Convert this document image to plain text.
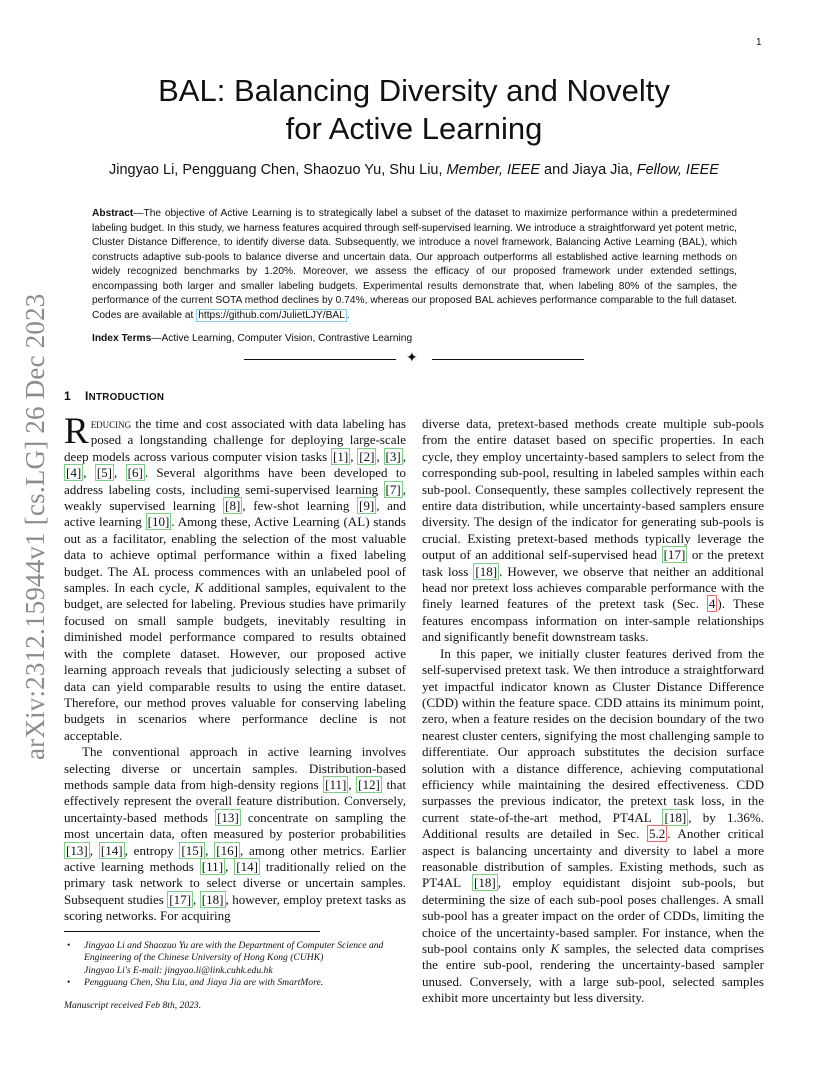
1
arXiv:2312.15944v1 [cs.LG] 26 Dec 2023
BAL: Balancing Diversity and Novelty
for Active Learning
Jingyao Li, Pengguang Chen, Shaozuo Yu, Shu Liu, Member, IEEE and Jiaya Jia, Fellow, IEEE
Abstract—The objective of Active Learning is to strategically label a subset of the dataset to maximize performance within a predetermined labeling budget. In this study, we harness features acquired through self-supervised learning. We introduce a straightforward yet potent metric, Cluster Distance Difference, to identify diverse data. Subsequently, we introduce a novel framework, Balancing Active Learning (BAL), which constructs adaptive sub-pools to balance diverse and uncertain data. Our approach outperforms all established active learning methods on widely recognized benchmarks by 1.20%. Moreover, we assess the efficacy of our proposed framework under extended settings, encompassing both larger and smaller labeling budgets. Experimental results demonstrate that, when labeling 80% of the samples, the performance of the current SOTA method declines by 0.74%, whereas our proposed BAL achieves performance comparable to the full dataset. Codes are available at https://github.com/JulietLJY/BAL .
Index Terms—Active Learning, Computer Vision, Contrastive Learning
✦
1 INTRODUCTION

Reducing the time and cost associated with data labeling has posed a longstanding challenge for deploying large-scale deep models across various computer vision tasks [1] , [2] , [3] , [4] , [5] , [6] . Several algorithms have been developed to address labeling costs, including semi-supervised learning [7] , weakly supervised learning [8] , few-shot learning [9] , and active learning [10] . Among these, Active Learning (AL) stands out as a facilitator, enabling the selection of the most valuable data to achieve optimal performance within a fixed labeling budget. The AL process commences with an unlabeled pool of samples. In each cycle, K additional samples, equivalent to the budget, are selected for labeling. Previous studies have primarily focused on small sample budgets, inevitably resulting in diminished model performance compared to results obtained with the complete dataset. However, our proposed active learning approach reveals that judiciously selecting a subset of data can yield comparable results to using the entire dataset. Therefore, our method proves valuable for conserving labeling budgets in scenarios where performance decline is not acceptable.

The conventional approach in active learning involves selecting diverse or uncertain samples. Distribution-based methods sample data from high-density regions [11] , [12] that effectively represent the overall feature distribution. Conversely, uncertainty-based methods [13] concentrate on sampling the most uncertain data, often measured by posterior probabilities [13] , [14] , entropy [15] , [16] , among other metrics. Earlier active learning methods [11] , [14] traditionally relied on the primary task network to select diverse or uncertain samples. Subsequent studies [17] , [18] , however, employ pretext tasks as scoring networks. For acquiring

diverse data, pretext-based methods create multiple sub-pools from the entire dataset based on specific properties. In each cycle, they employ uncertainty-based samplers to select from the corresponding sub-pool, resulting in labeled samples within each sub-pool. Consequently, these samples collectively represent the entire data distribution, while uncertainty-based samplers ensure diversity. The design of the indicator for generating sub-pools is crucial. Existing pretext-based methods typically leverage the output of an additional self-supervised head [17] or the pretext task loss [18] . However, we observe that neither an additional head nor pretext loss achieves comparable performance with the finely learned features of the pretext task (Sec. 4 ). These features encompass information on inter-sample relationships and significantly benefit downstream tasks.

In this paper, we initially cluster features derived from the self-supervised pretext task. We then introduce a straightforward yet impactful indicator known as Cluster Distance Difference (CDD) within the feature space. CDD attains its minimum point, zero, when a feature resides on the decision boundary of the two nearest cluster centers, signifying the most challenging sample to differentiate. Our approach substitutes the decision surface solution with a distance difference, achieving computational efficiency while maintaining the desired effectiveness. CDD surpasses the previous indicator, the pretext task loss, in the current state-of-the-art method, PT4AL [18] , by 1.36%. Additional results are detailed in Sec. 5.2 . Another critical aspect is balancing uncertainty and diversity to label a more reasonable distribution of samples. Existing methods, such as PT4AL [18] , employ equidistant disjoint sub-pools, but determining the size of each sub-pool poses challenges. A small sub-pool has a greater impact on the order of CDDs, limiting the choice of the uncertainty-based sampler. For instance, when the sub-pool contains only K samples, the selected data comprises the entire sub-pool, rendering the uncertainty-based sampler unused. Conversely, with a large sub-pool, selected samples exhibit more uncertainty but less diversity.

• Jingyao Li and Shaozuo Yu are with the Department of Computer Science and Engineering of the Chinese University of Hong Kong (CUHK)
Jingyao Li's E-mail: jingyao.li@link.cuhk.edu.hk
• Pengguang Chen, Shu Liu, and Jiaya Jia are with SmartMore.
Manuscript received Feb 8th, 2023.
